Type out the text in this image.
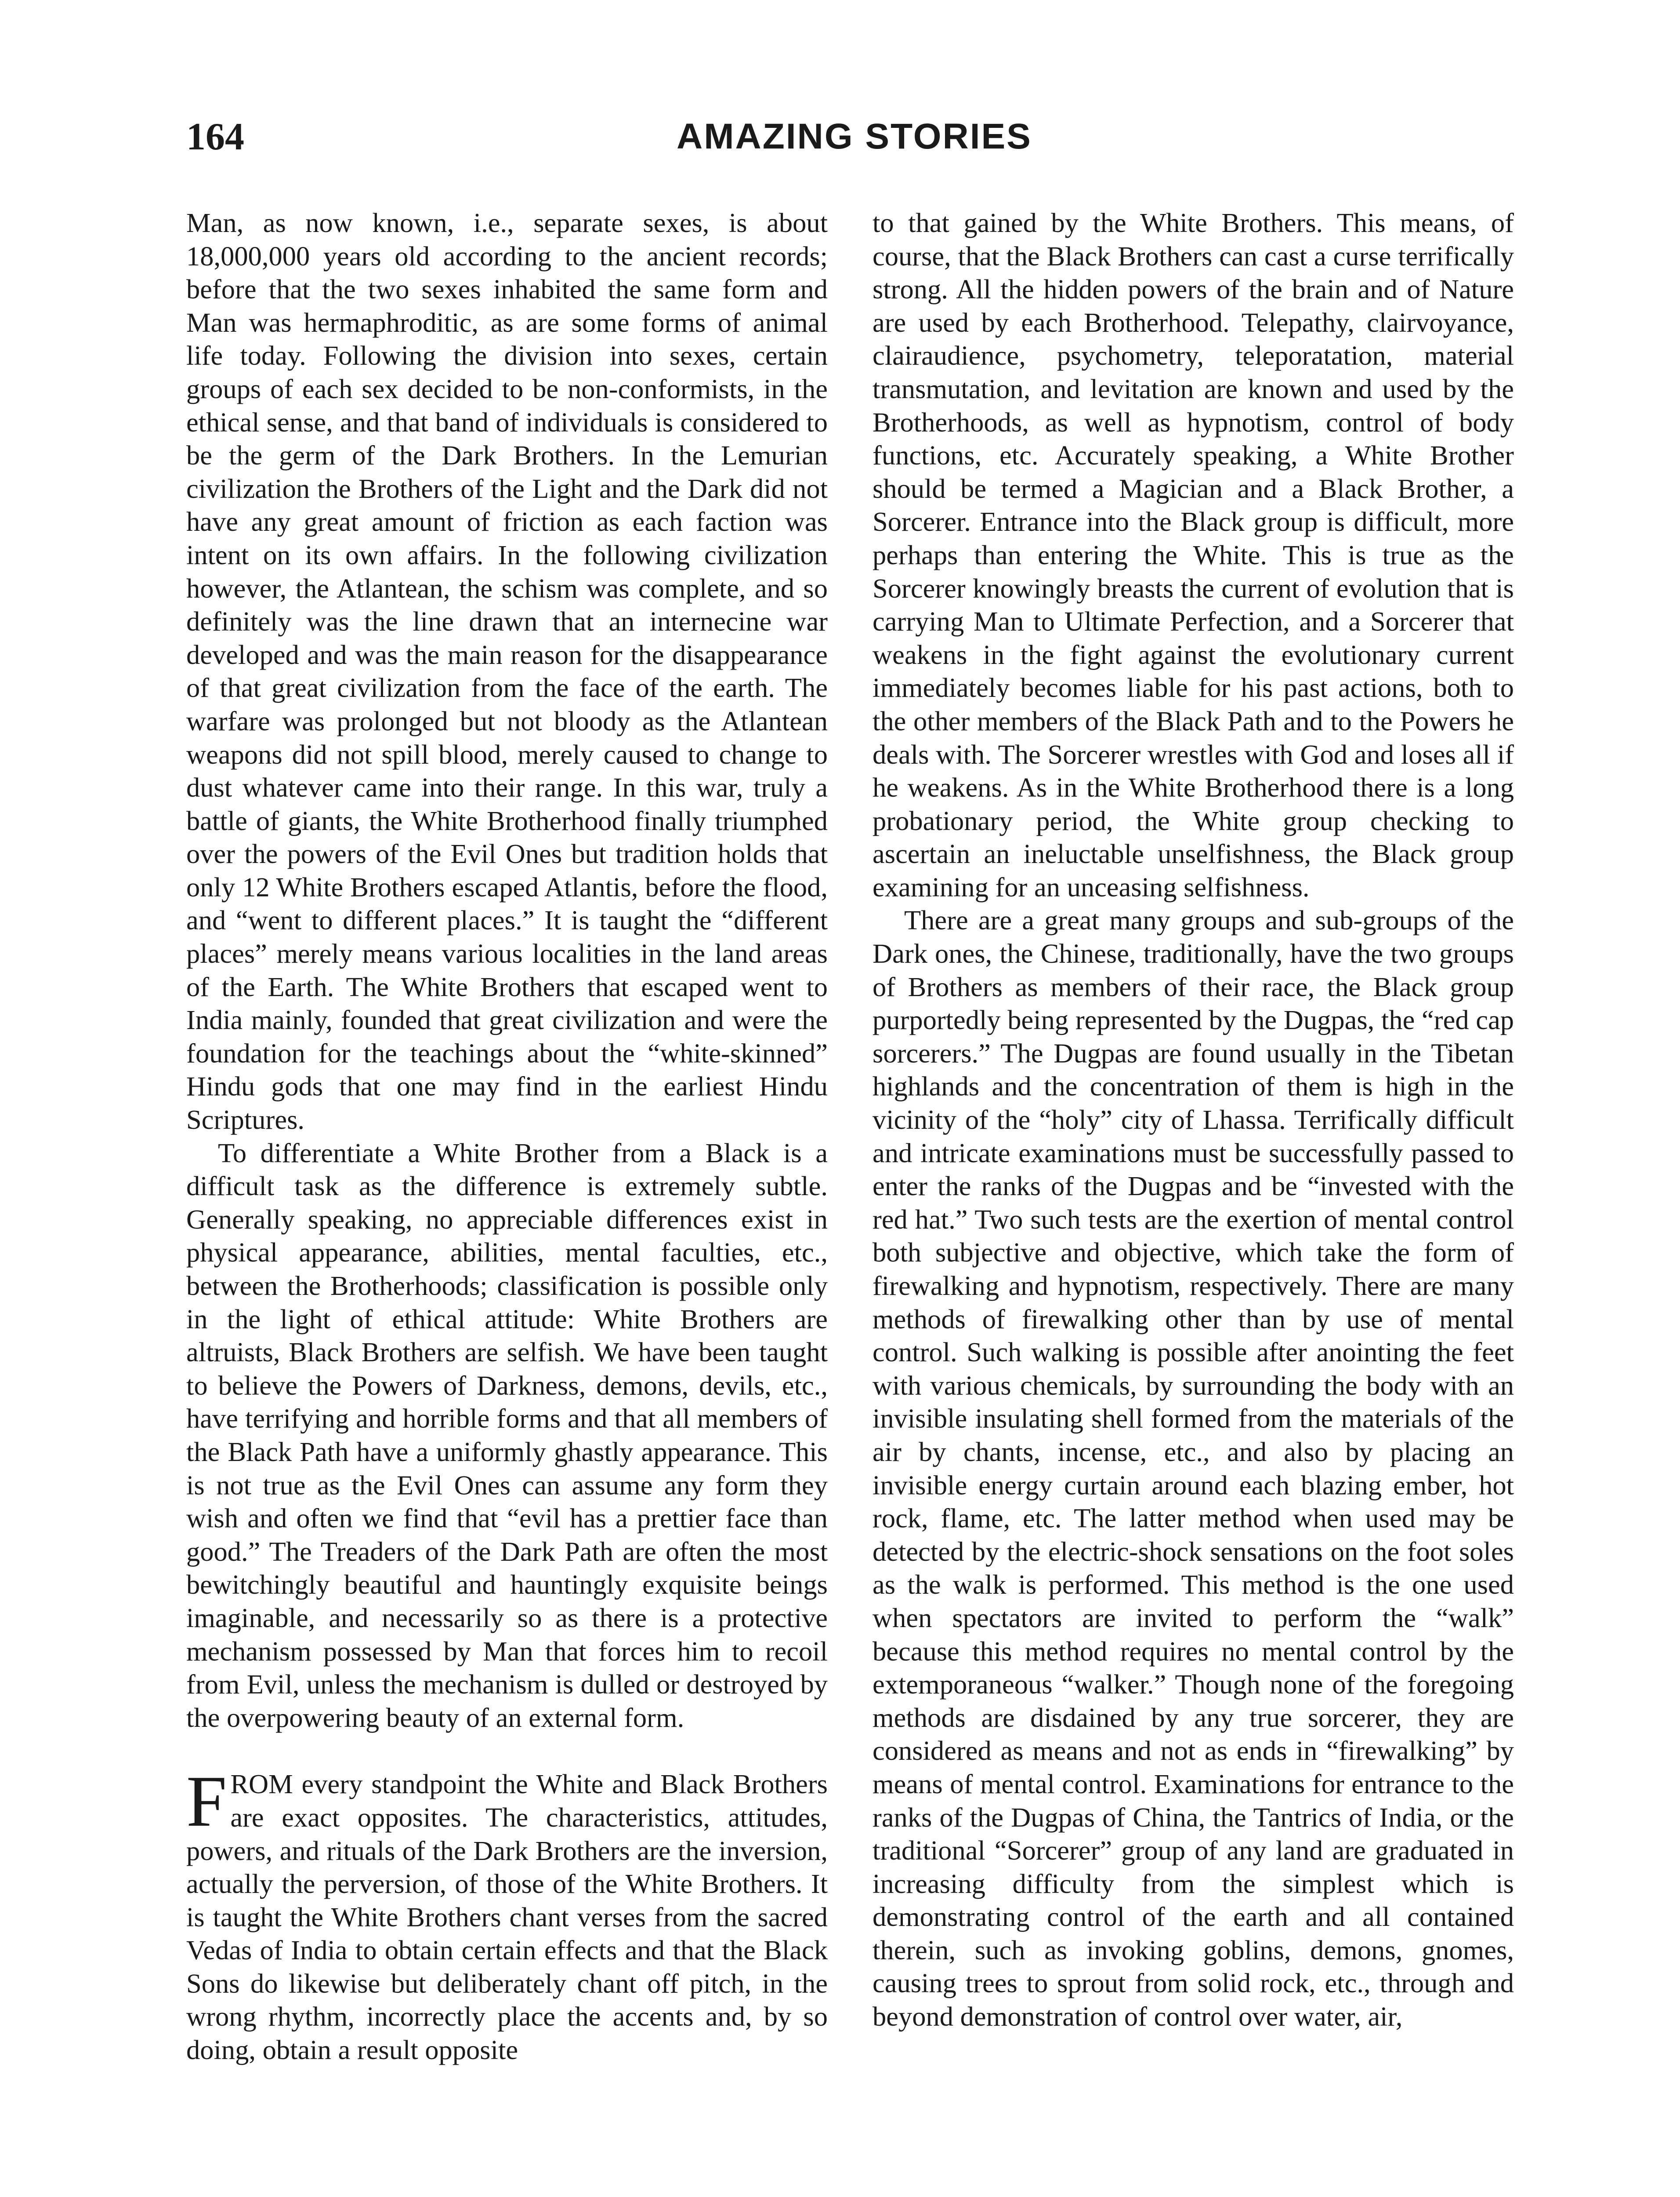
164	AMAZING STORIES

Man, as now known, i.e., separate sexes, is about 18,000,000 years old according to the ancient records; before that the two sexes inhabited the same form and Man was hermaphroditic, as are some forms of animal life today. Following the division into sexes, certain groups of each sex decided to be non-conformists, in the ethical sense, and that band of individuals is considered to be the germ of the Dark Brothers. In the Lemurian civilization the Brothers of the Light and the Dark did not have any great amount of friction as each faction was intent on its own affairs. In the following civilization however, the Atlantean, the schism was complete, and so definitely was the line drawn that an internecine war developed and was the main reason for the disappearance of that great civilization from the face of the earth. The warfare was prolonged but not bloody as the Atlantean weapons did not spill blood, merely caused to change to dust whatever came into their range. In this war, truly a battle of giants, the White Brotherhood finally triumphed over the powers of the Evil Ones but tradition holds that only 12 White Brothers escaped Atlantis, before the flood, and “went to different places.” It is taught the “different places” merely means various localities in the land areas of the Earth. The White Brothers that escaped went to India mainly, founded that great civilization and were the foundation for the teachings about the “white-skinned” Hindu gods that one may find in the earliest Hindu Scriptures.

To differentiate a White Brother from a Black is a difficult task as the difference is extremely subtle. Generally speaking, no appreciable differences exist in physical appearance, abilities, mental faculties, etc., between the Brotherhoods; classification is possible only in the light of ethical attitude: White Brothers are altruists, Black Brothers are selfish. We have been taught to believe the Powers of Darkness, demons, devils, etc., have terrifying and horrible forms and that all members of the Black Path have a uniformly ghastly appearance. This is not true as the Evil Ones can assume any form they wish and often we find that “evil has a prettier face than good.” The Treaders of the Dark Path are often the most bewitchingly beautiful and hauntingly exquisite beings imaginable, and necessarily so as there is a protective mechanism possessed by Man that forces him to recoil from Evil, unless the mechanism is dulled or destroyed by the overpowering beauty of an external form.

FROM every standpoint the White and Black Brothers are exact opposites. The characteristics, attitudes, powers, and rituals of the Dark Brothers are the inversion, actually the perversion, of those of the White Brothers. It is taught the White Brothers chant verses from the sacred Vedas of India to obtain certain effects and that the Black Sons do likewise but deliberately chant off pitch, in the wrong rhythm, incorrectly place the accents and, by so doing, obtain a result opposite

to that gained by the White Brothers. This means, of course, that the Black Brothers can cast a curse terrifically strong. All the hidden powers of the brain and of Nature are used by each Brotherhood. Telepathy, clairvoyance, clairaudience, psychometry, teleporatation, material transmutation, and levitation are known and used by the Brotherhoods, as well as hypnotism, control of body functions, etc. Accurately speaking, a White Brother should be termed a Magician and a Black Brother, a Sorcerer. Entrance into the Black group is difficult, more perhaps than entering the White. This is true as the Sorcerer knowingly breasts the current of evolution that is carrying Man to Ultimate Perfection, and a Sorcerer that weakens in the fight against the evolutionary current immediately becomes liable for his past actions, both to the other members of the Black Path and to the Powers he deals with. The Sorcerer wrestles with God and loses all if he weakens. As in the White Brotherhood there is a long probationary period, the White group checking to ascertain an ineluctable unselfishness, the Black group examining for an unceasing selfishness.

There are a great many groups and sub-groups of the Dark ones, the Chinese, traditionally, have the two groups of Brothers as members of their race, the Black group purportedly being represented by the Dugpas, the “red cap sorcerers.” The Dugpas are found usually in the Tibetan highlands and the concentration of them is high in the vicinity of the “holy” city of Lhassa. Terrifically difficult and intricate examinations must be successfully passed to enter the ranks of the Dugpas and be “invested with the red hat.” Two such tests are the exertion of mental control both subjective and objective, which take the form of firewalking and hypnotism, respectively. There are many methods of firewalking other than by use of mental control. Such walking is possible after anointing the feet with various chemicals, by surrounding the body with an invisible insulating shell formed from the materials of the air by chants, incense, etc., and also by placing an invisible energy curtain around each blazing ember, hot rock, flame, etc. The latter method when used may be detected by the electric-shock sensations on the foot soles as the walk is performed. This method is the one used when spectators are invited to perform the “walk” because this method requires no mental control by the extemporaneous “walker.” Though none of the foregoing methods are disdained by any true sorcerer, they are considered as means and not as ends in “firewalking” by means of mental control. Examinations for entrance to the ranks of the Dugpas of China, the Tantrics of India, or the traditional “Sorcerer” group of any land are graduated in increasing difficulty from the simplest which is demonstrating control of the earth and all contained therein, such as invoking goblins, demons, gnomes, causing trees to sprout from solid rock, etc., through and beyond demonstration of control over water, air,
